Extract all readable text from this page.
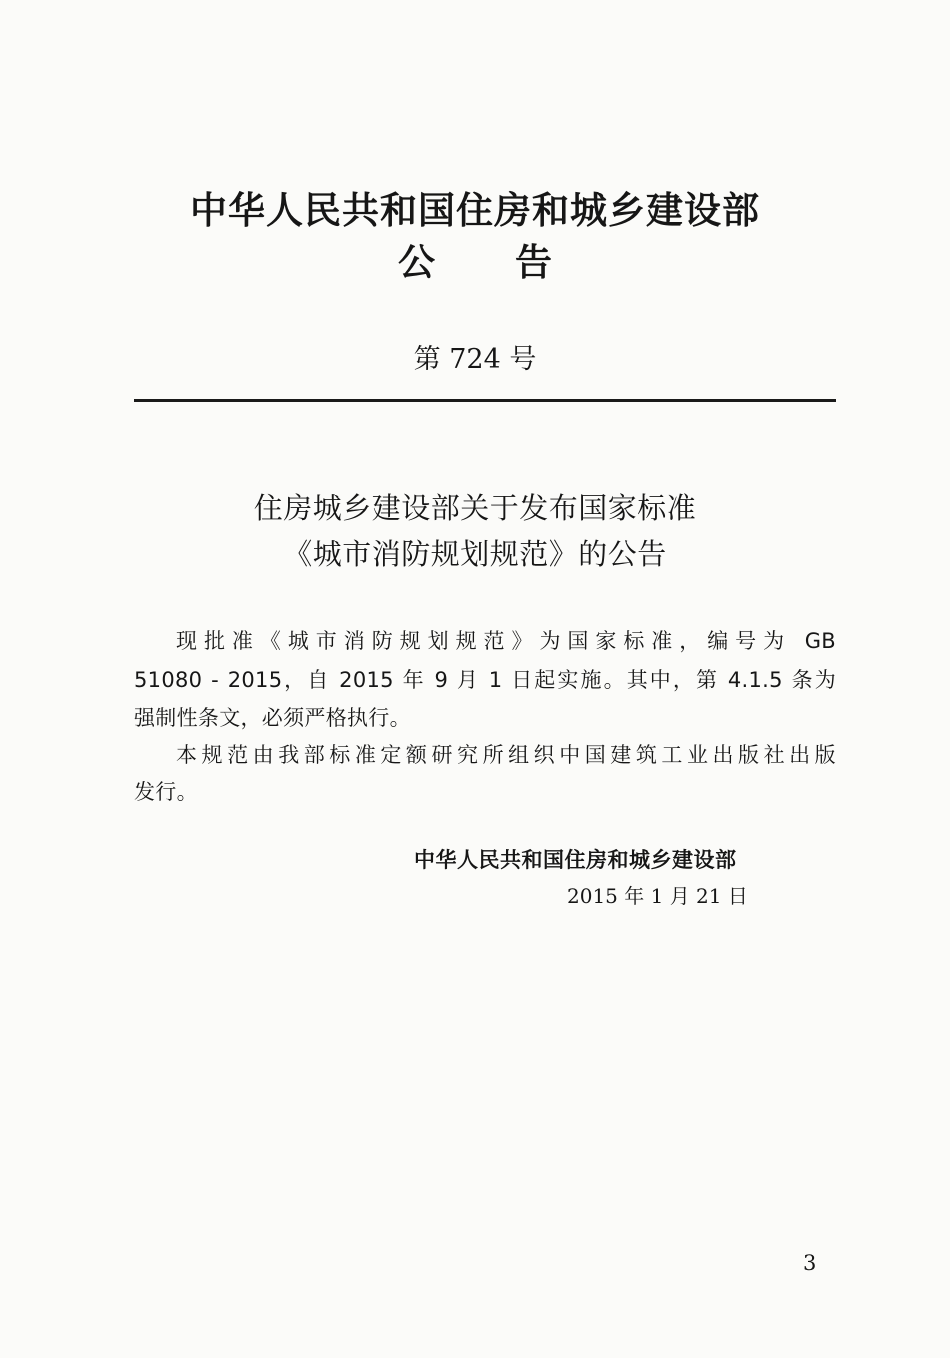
中华人民共和国住房和城乡建设部
公告
第 724 号
住房城乡建设部关于发布国家标准
《城市消防规划规范》的公告
现批准《城市消防规划规范》为国家标准，编号为 GB
51080 - 2015，自 2015 年 9 月 1 日起实施。其中，第 4.1.5 条为
强制性条文，必须严格执行。
本规范由我部标准定额研究所组织中国建筑工业出版社出版
发行。
中华人民共和国住房和城乡建设部
2015 年 1 月 21 日
3
